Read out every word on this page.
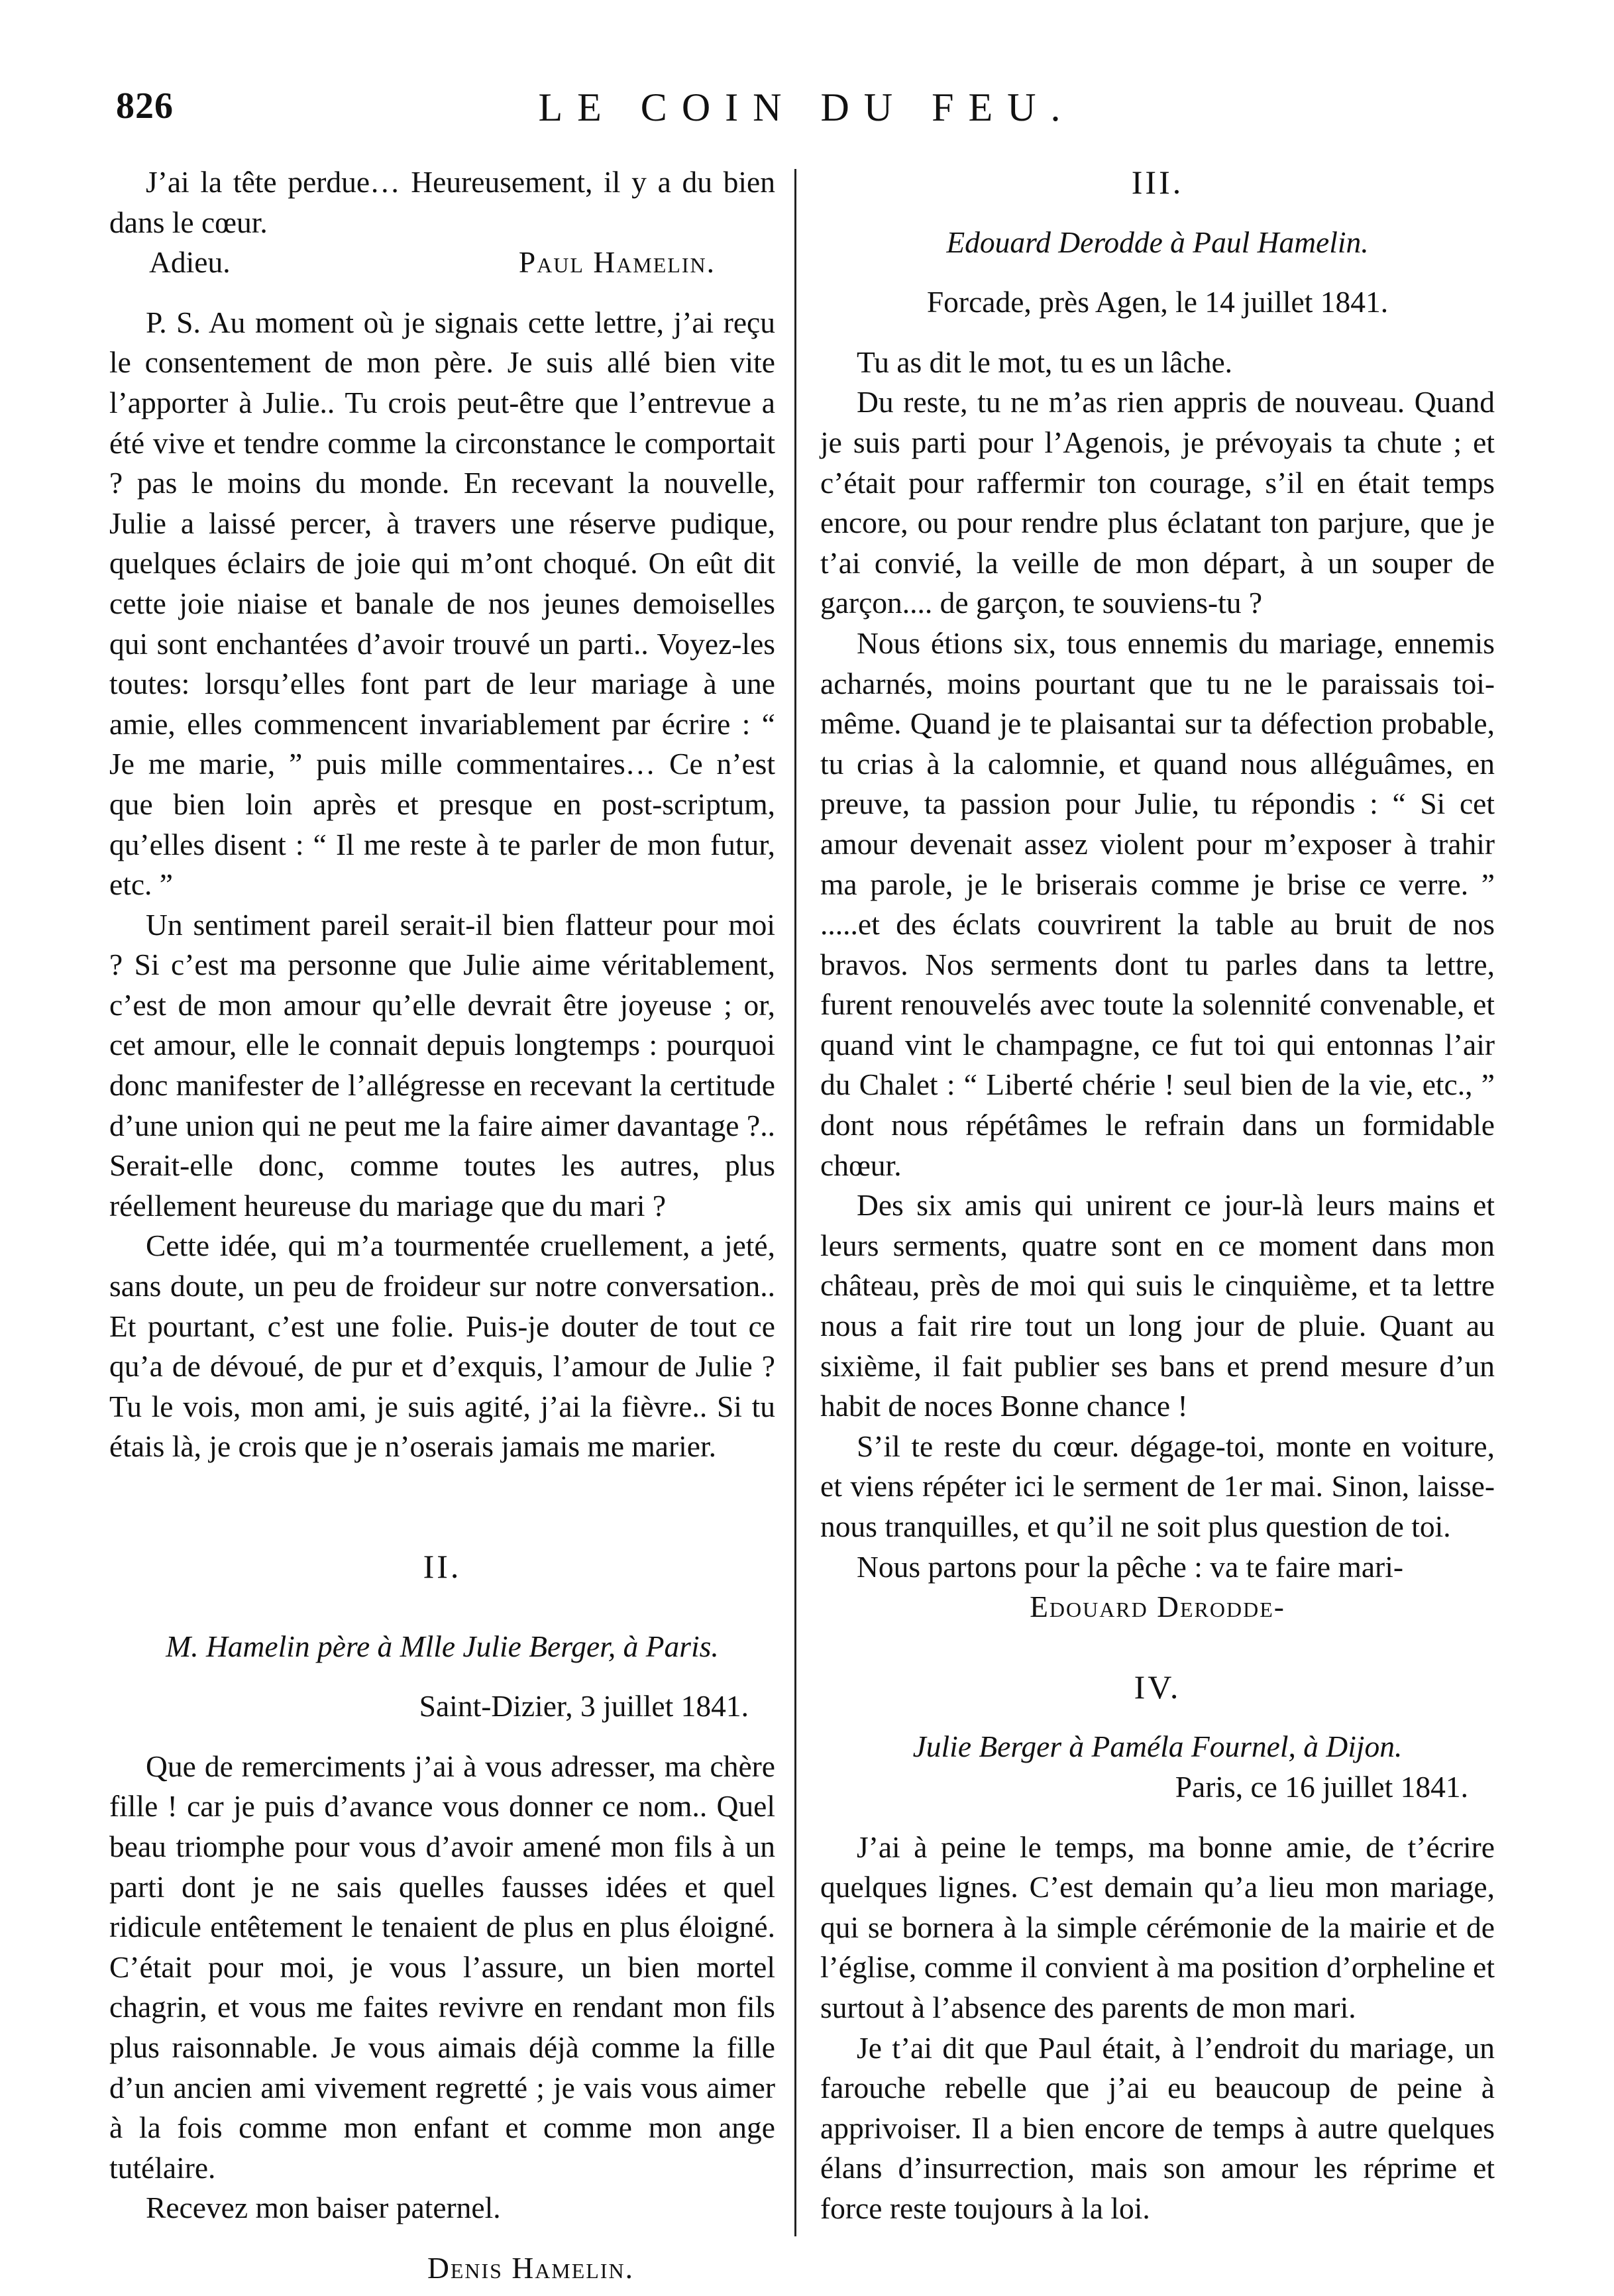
826	LE COIN DU FEU.

J’ai la tête perdue… Heureusement, il y a du bien dans le cœur.

Adieu.	Paul Hamelin.

P. S. Au moment où je signais cette lettre, j’ai reçu le consentement de mon père. Je suis allé bien vite l’apporter à Julie.. Tu crois peut-être que l’entrevue a été vive et tendre comme la circonstance le comportait ? pas le moins du monde. En recevant la nouvelle, Julie a laissé percer, à travers une réserve pudique, quelques éclairs de joie qui m’ont choqué. On eût dit cette joie niaise et banale de nos jeunes demoiselles qui sont enchantées d’avoir trouvé un parti.. Voyez-les toutes: lorsqu’elles font part de leur mariage à une amie, elles commencent invariablement par écrire : “ Je me marie, ” puis mille commentaires… Ce n’est que bien loin après et presque en post-scriptum, qu’elles disent : “ Il me reste à te parler de mon futur, etc. ”

Un sentiment pareil serait-il bien flatteur pour moi ? Si c’est ma personne que Julie aime véritablement, c’est de mon amour qu’elle devrait être joyeuse ; or, cet amour, elle le connait depuis longtemps : pourquoi donc manifester de l’allégresse en recevant la certitude d’une union qui ne peut me la faire aimer davantage ?.. Serait-elle donc, comme toutes les autres, plus réellement heureuse du mariage que du mari ?

Cette idée, qui m’a tourmentée cruellement, a jeté, sans doute, un peu de froideur sur notre conversation.. Et pourtant, c’est une folie. Puis-je douter de tout ce qu’a de dévoué, de pur et d’exquis, l’amour de Julie ? Tu le vois, mon ami, je suis agité, j’ai la fièvre.. Si tu étais là, je crois que je n’oserais jamais me marier.

II.

M. Hamelin père à Mlle Julie Berger, à Paris.

Saint-Dizier, 3 juillet 1841.

Que de remerciments j’ai à vous adresser, ma chère fille ! car je puis d’avance vous donner ce nom.. Quel beau triomphe pour vous d’avoir amené mon fils à un parti dont je ne sais quelles fausses idées et quel ridicule entêtement le tenaient de plus en plus éloigné. C’était pour moi, je vous l’assure, un bien mortel chagrin, et vous me faites revivre en rendant mon fils plus raisonnable. Je vous aimais déjà comme la fille d’un ancien ami vivement regretté ; je vais vous aimer à la fois comme mon enfant et comme mon ange tutélaire.

Recevez mon baiser paternel.

Denis Hamelin.

III.

Edouard Derodde à Paul Hamelin.

Forcade, près Agen, le 14 juillet 1841.

Tu as dit le mot, tu es un lâche.

Du reste, tu ne m’as rien appris de nouveau. Quand je suis parti pour l’Agenois, je prévoyais ta chute ; et c’était pour raffermir ton courage, s’il en était temps encore, ou pour rendre plus éclatant ton parjure, que je t’ai convié, la veille de mon départ, à un souper de garçon.... de garçon, te souviens-tu ?

Nous étions six, tous ennemis du mariage, ennemis acharnés, moins pourtant que tu ne le paraissais toi-même. Quand je te plaisantai sur ta défection probable, tu crias à la calomnie, et quand nous alléguâmes, en preuve, ta passion pour Julie, tu répondis : “ Si cet amour devenait assez violent pour m’exposer à trahir ma parole, je le briserais comme je brise ce verre. ” .....et des éclats couvrirent la table au bruit de nos bravos. Nos serments dont tu parles dans ta lettre, furent renouvelés avec toute la solennité convenable, et quand vint le champagne, ce fut toi qui entonnas l’air du Chalet : “ Liberté chérie ! seul bien de la vie, etc., ” dont nous répétâmes le refrain dans un formidable chœur.

Des six amis qui unirent ce jour-là leurs mains et leurs serments, quatre sont en ce moment dans mon château, près de moi qui suis le cinquième, et ta lettre nous a fait rire tout un long jour de pluie. Quant au sixième, il fait publier ses bans et prend mesure d’un habit de noces Bonne chance !

S’il te reste du cœur. dégage-toi, monte en voiture, et viens répéter ici le serment de 1er mai. Sinon, laisse-nous tranquilles, et qu’il ne soit plus question de toi.

Nous partons pour la pêche : va te faire mari-

Edouard Derodde-

IV.

Julie Berger à Paméla Fournel, à Dijon.

Paris, ce 16 juillet 1841.

J’ai à peine le temps, ma bonne amie, de t’écrire quelques lignes. C’est demain qu’a lieu mon mariage, qui se bornera à la simple cérémonie de la mairie et de l’église, comme il convient à ma position d’orpheline et surtout à l’absence des parents de mon mari.

Je t’ai dit que Paul était, à l’endroit du mariage, un farouche rebelle que j’ai eu beaucoup de peine à apprivoiser. Il a bien encore de temps à autre quelques élans d’insurrection, mais son amour les réprime et force reste toujours à la loi.
